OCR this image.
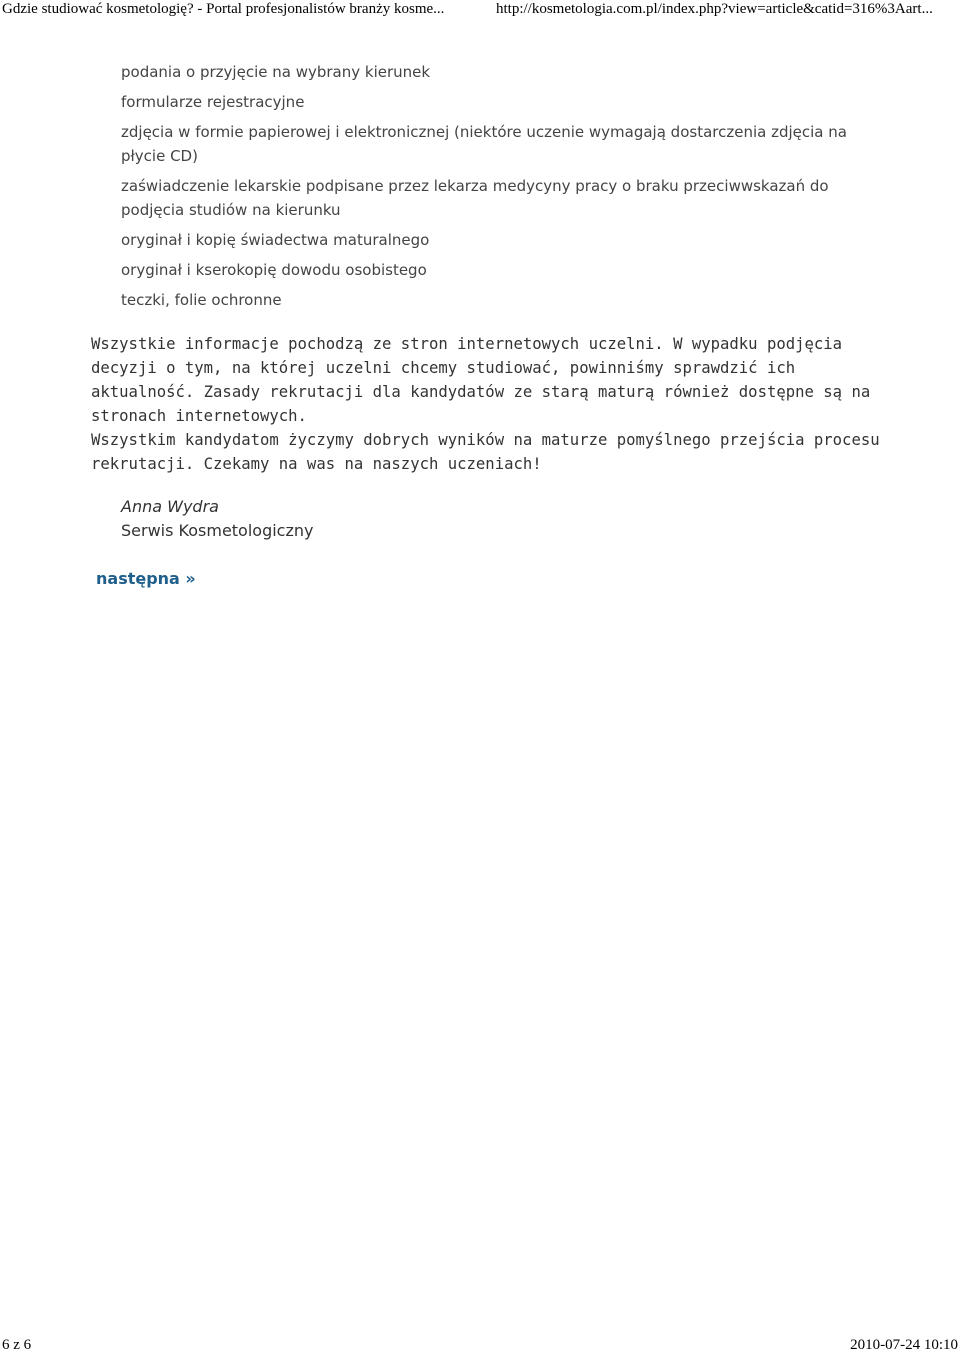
Gdzie studiować kosmetologię? - Portal profesjonalistów branży kosme...	http://kosmetologia.com.pl/index.php?view=article&catid=316%3Aart...
podania o przyjęcie na wybrany kierunek
formularze rejestracyjne
zdjęcia w formie papierowej i elektronicznej (niektóre uczenie wymagają dostarczenia zdjęcia na płycie CD)
zaświadczenie lekarskie podpisane przez lekarza medycyny pracy o braku przeciwwskazań do podjęcia studiów na kierunku
oryginał i kopię świadectwa maturalnego
oryginał i kserokopię dowodu osobistego
teczki, folie ochronne

Wszystkie informacje pochodzą ze stron internetowych uczelni. W wypadku podjęcia decyzji o tym, na której uczelni chcemy studiować, powinniśmy sprawdzić ich aktualność. Zasady rekrutacji dla kandydatów ze starą maturą również dostępne są na stronach internetowych.

Wszystkim kandydatom życzymy dobrych wyników na maturze pomyślnego przejścia procesu rekrutacji. Czekamy na was na naszych uczeniach!

Anna Wydra
Serwis Kosmetologiczny
następna »
6 z 6	2010-07-24 10:10
